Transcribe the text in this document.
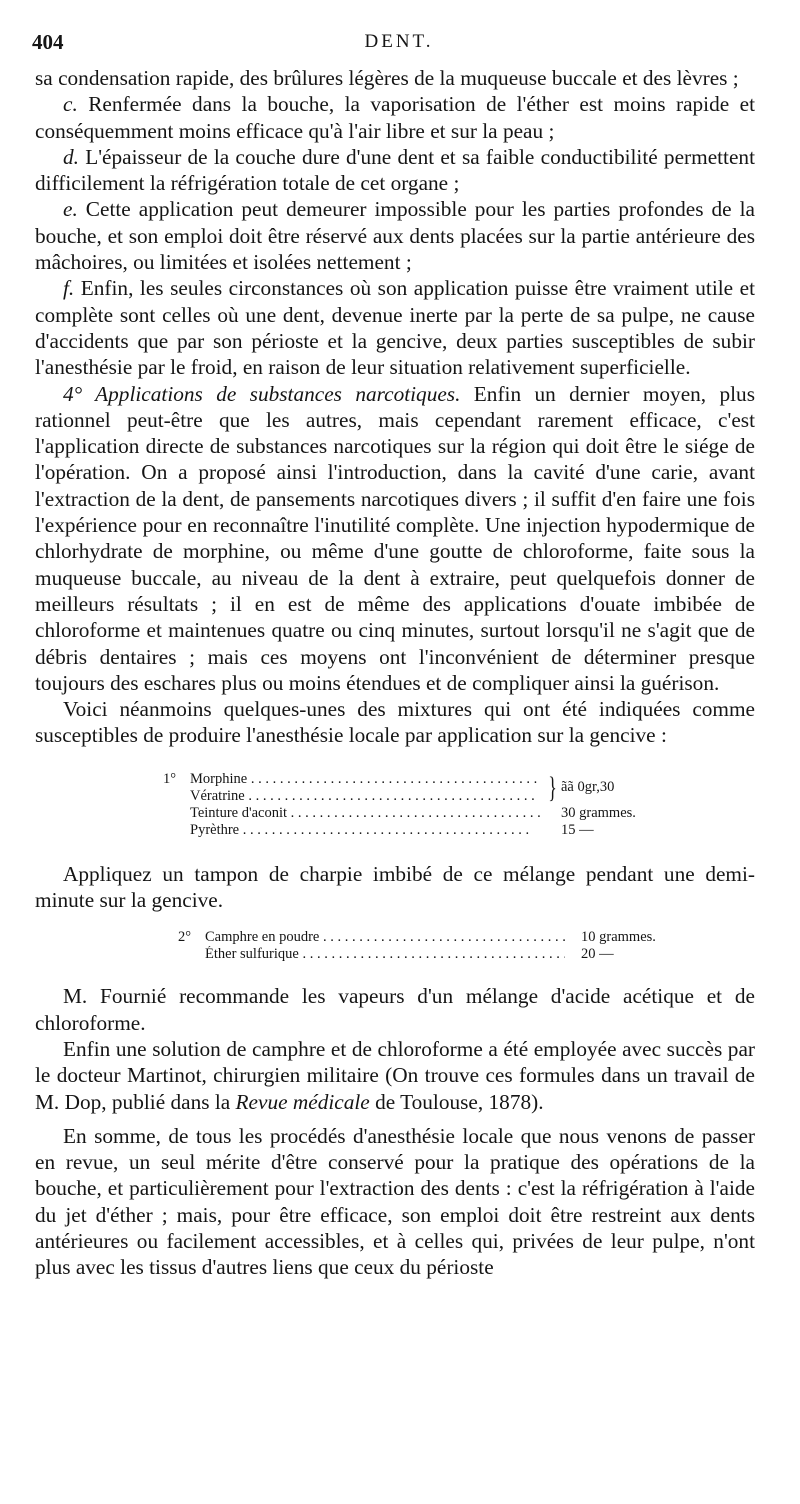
404	DENT.

sa condensation rapide, des brûlures légères de la muqueuse buccale et des lèvres ;

c. Renfermée dans la bouche, la vaporisation de l'éther est moins rapide et conséquemment moins efficace qu'à l'air libre et sur la peau ;

d. L'épaisseur de la couche dure d'une dent et sa faible conductibilité permettent difficilement la réfrigération totale de cet organe ;

e. Cette application peut demeurer impossible pour les parties profondes de la bouche, et son emploi doit être réservé aux dents placées sur la partie antérieure des mâchoires, ou limitées et isolées nettement ;

f. Enfin, les seules circonstances où son application puisse être vraiment utile et complète sont celles où une dent, devenue inerte par la perte de sa pulpe, ne cause d'accidents que par son périoste et la gencive, deux parties susceptibles de subir l'anesthésie par le froid, en raison de leur situation relativement superficielle.

4° Applications de substances narcotiques. Enfin un dernier moyen, plus rationnel peut-être que les autres, mais cependant rarement efficace, c'est l'application directe de substances narcotiques sur la région qui doit être le siége de l'opération. On a proposé ainsi l'introduction, dans la cavité d'une carie, avant l'extraction de la dent, de pansements narcotiques divers ; il suffit d'en faire une fois l'expérience pour en reconnaître l'inutilité complète. Une injection hypodermique de chlorhydrate de morphine, ou même d'une goutte de chloroforme, faite sous la muqueuse buccale, au niveau de la dent à extraire, peut quelquefois donner de meilleurs résultats ; il en est de même des applications d'ouate imbibée de chloroforme et maintenues quatre ou cinq minutes, surtout lorsqu'il ne s'agit que de débris dentaires ; mais ces moyens ont l'inconvénient de déterminer presque toujours des eschares plus ou moins étendues et de compliquer ainsi la guérison.

Voici néanmoins quelques-unes des mixtures qui ont été indiquées comme susceptibles de produire l'anesthésie locale par application sur la gencive :

1° Morphine . . .
Vératrine . . .	} ãã 0gr,30
Teinture d'aconit . . .	30 grammes.
Pyrèthre . . .	15 —

Appliquez un tampon de charpie imbibé de ce mélange pendant une demi-minute sur la gencive.

2° Camphre en poudre . . .	10 grammes.
Éther sulfurique . . .	20 —

M. Fournié recommande les vapeurs d'un mélange d'acide acétique et de chloroforme.

Enfin une solution de camphre et de chloroforme a été employée avec succès par le docteur Martinot, chirurgien militaire (On trouve ces formules dans un travail de M. Dop, publié dans la Revue médicale de Toulouse, 1878).

En somme, de tous les procédés d'anesthésie locale que nous venons de passer en revue, un seul mérite d'être conservé pour la pratique des opérations de la bouche, et particulièrement pour l'extraction des dents : c'est la réfrigération à l'aide du jet d'éther ; mais, pour être efficace, son emploi doit être restreint aux dents antérieures ou facilement accessibles, et à celles qui, privées de leur pulpe, n'ont plus avec les tissus d'autres liens que ceux du périoste
